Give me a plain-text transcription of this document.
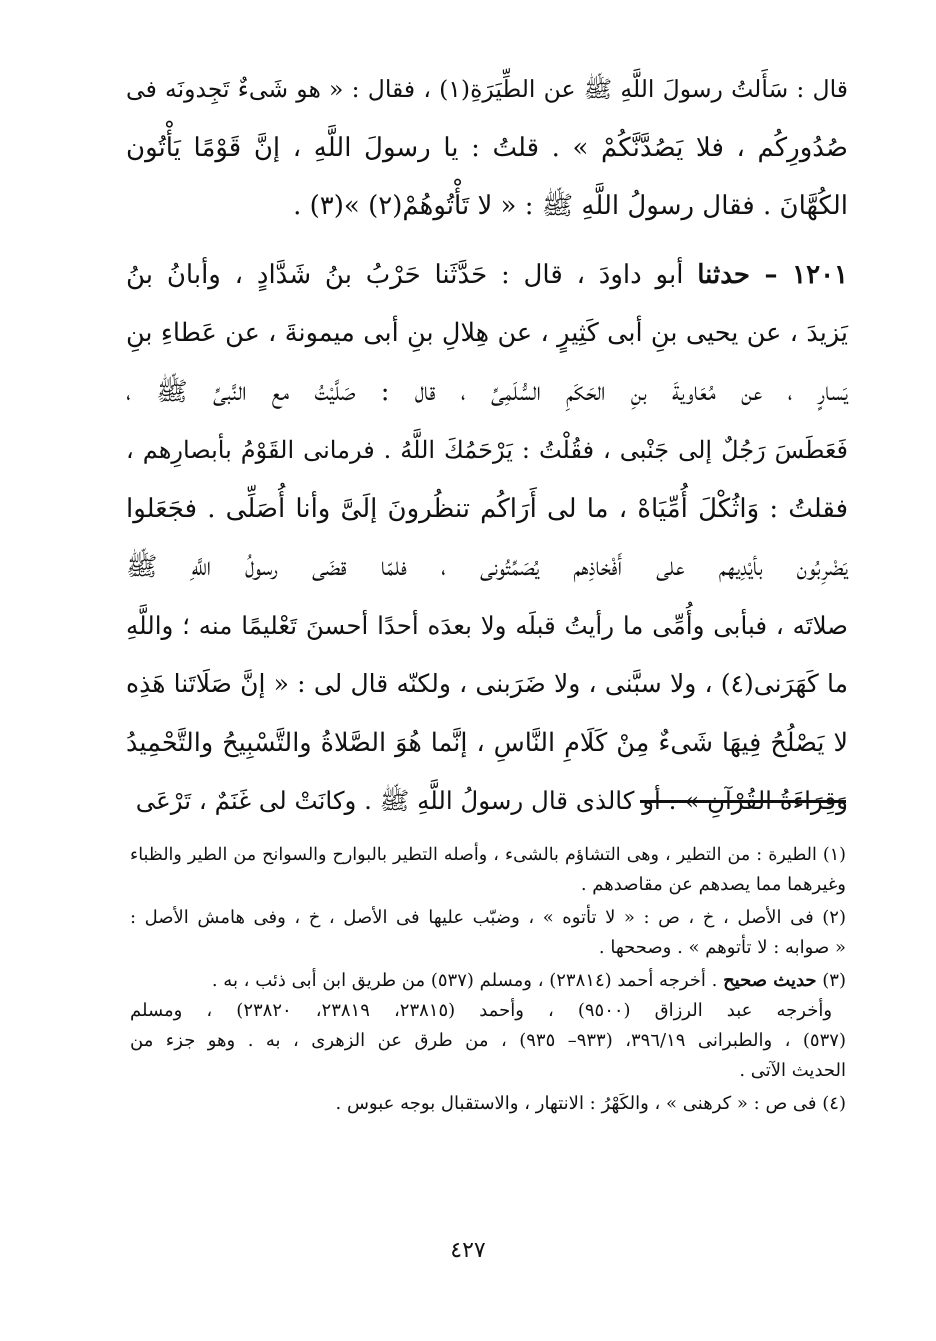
قال : سَأَلتُ رسولَ اللَّهِ ﷺ عن الطِّيَرَةِ(١) ، فقال : « هو شَىءٌ تَجِدونَه فى
صُدُورِكُم ، فلا يَصُدَّنَّكُمْ » . قلتُ : يا رسولَ اللَّهِ ، إنَّ قَوْمًا يَأْتُون
الكُهَّانَ . فقال رسولُ اللَّهِ ﷺ : « لا تَأْتُوهُمْ(٢) »(٣) .
١٢٠١ – حدثنا أبو داودَ ، قال : حَدَّثَنا حَرْبُ بنُ شَدَّادٍ ، وأبانُ بنُ
يَزيدَ ، عن يحيى بنِ أبى كَثِيرٍ ، عن هِلالِ بنِ أبى ميمونةَ ، عن عَطاءِ بنِ
يَسارٍ ، عن مُعَاويةَ بنِ الحَكَمِ السُّلَمِىِّ ، قال : صَلَّيْتُ مع النَّبىِّ ﷺ ،
فَعَطَسَ رَجُلٌ إلى جَنْبى ، فقُلْتُ : يَرْحَمُكَ اللَّهُ . فرمانى القَوْمُ بأبصارِهم ،
فقلتُ : وَاثُكْلَ أُمِّيَاهْ ، ما لى أَرَاكُم تنظُرونَ إلَىَّ وأنا أُصَلِّى . فجَعَلوا
يَضْرِبُون بأيْدِيهم على أَفْخاذِهم يُصَمِّتُونى ، فلمّا قضَى رسولُ اللَّهِ ﷺ
صلاتَه ، فبأبى وأُمِّى ما رأيتُ قبلَه ولا بعدَه أحدًا أحسنَ تَعْليمًا منه ؛ واللَّهِ
ما كَهَرَنى(٤) ، ولا سبَّنى ، ولا ضَرَبنى ، ولكنّه قال لى : « إنَّ صَلَاتَنا هَذِه
لا يَصْلُحُ فِيهَا شَىءٌ مِنْ كَلَامِ النَّاسِ ، إنَّما هُوَ الصَّلاةُ والتَّسْبِيحُ والتَّحْمِيدُ
وَقِرَاءَةُ القُرْآنِ » . أو كالذى قال رسولُ اللَّهِ ﷺ . وكانَتْ لى غَنَمٌ ، تَرْعَى
(١) الطيرة : من التطير ، وهى التشاؤم بالشىء ، وأصله التطير بالبوارح والسوانح من الطير والظباء
وغيرهما مما يصدهم عن مقاصدهم .
(٢) فى الأصل ، خ ، ص : « لا تأتوه » ، وضبّب عليها فى الأصل ، خ ، وفى هامش الأصل :
« صوابه : لا تأتوهم » . وصححها .
(٣) حديث صحيح . أخرجه أحمد (٢٣٨١٤) ، ومسلم (٥٣٧) من طريق ابن أبى ذئب ، به .
وأخرجه عبد الرزاق (٩٥٠٠) ، وأحمد (٢٣٨١٥، ٢٣٨١٩، ٢٣٨٢٠) ، ومسلم
(٥٣٧) ، والطبرانى ٣٩٦/١٩، (٩٣٣– ٩٣٥) ، من طرق عن الزهرى ، به . وهو جزء من
الحديث الآتى .
(٤) فى ص : « كرهنى » ، والكَهْرُ : الانتهار ، والاستقبال بوجه عبوس .
٤٢٧
